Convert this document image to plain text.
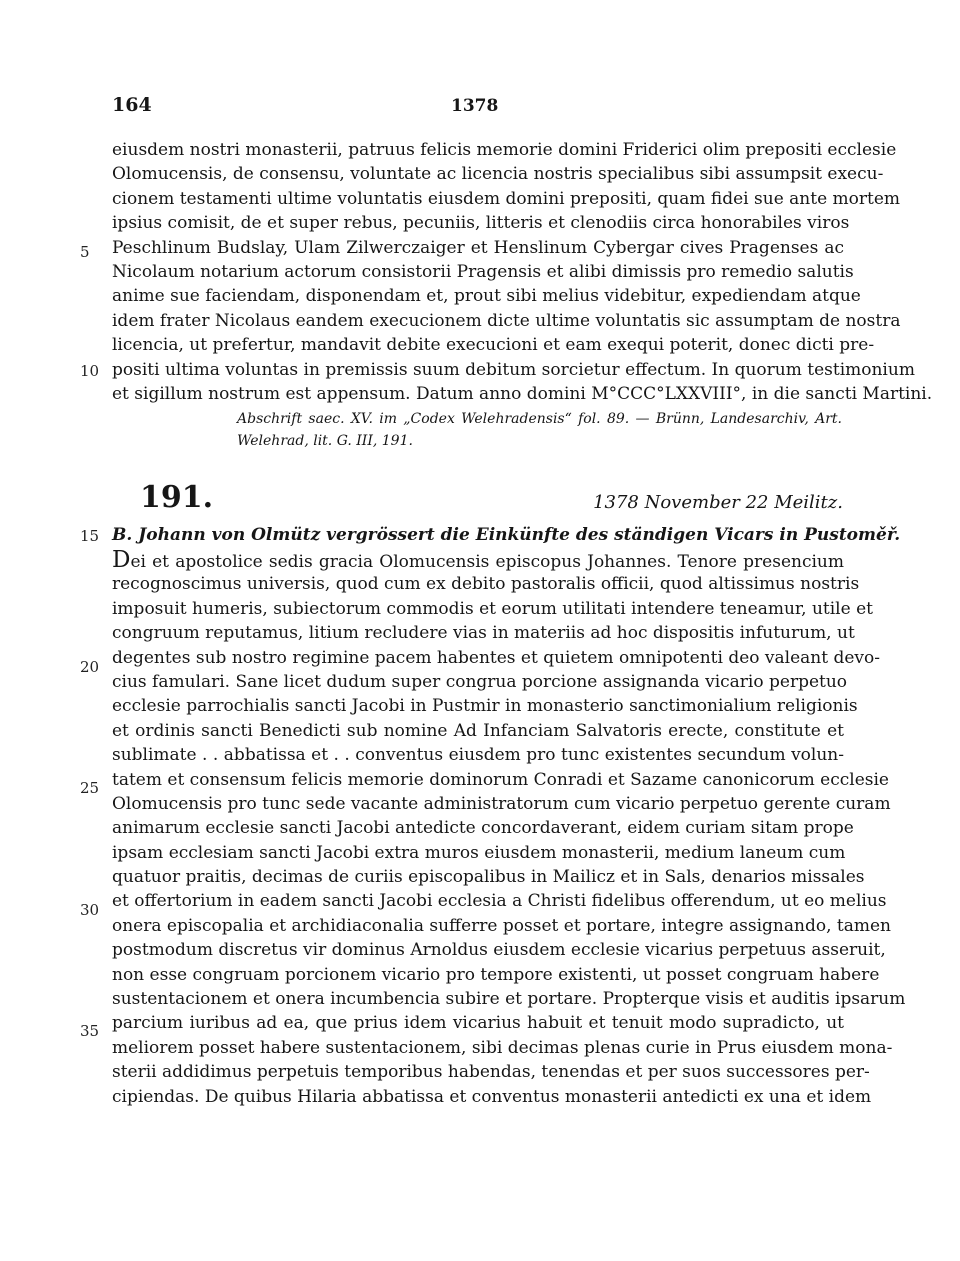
164	1378
5
10
15
20
25
30
35
eiusdem nostri monasterii, patruus felicis memorie domini Friderici olim prepositi ecclesie
Olomucensis, de consensu, voluntate ac licencia nostris specialibus sibi assumpsit execu-
cionem testamenti ultime voluntatis eiusdem domini prepositi, quam fidei sue ante mortem
ipsius comisit, de et super rebus, pecuniis, litteris et clenodiis circa honorabiles viros
Peschlinum Budslay, Ulam Zilwerczaiger et Henslinum Cybergar cives Pragenses ac
Nicolaum notarium actorum consistorii Pragensis et alibi dimissis pro remedio salutis
anime sue faciendam, disponendam et, prout sibi melius videbitur, expediendam atque
idem frater Nicolaus eandem execucionem dicte ultime voluntatis sic assumptam de nostra
licencia, ut prefertur, mandavit debite execucioni et eam exequi poterit, donec dicti pre-
positi ultima voluntas in premissis suum debitum sorcietur effectum. In quorum testimonium
et sigillum nostrum est appensum. Datum anno domini M°CCC°LXXVIII°, in die sancti Martini.
Abschrift saec. XV. im „Codex Welehradensis“ fol. 89. — Brünn, Landesarchiv, Art.
Welehrad, lit. G. III, 191.
191.	1378 November 22 Meilitz.
B. Johann von Olmütz vergrössert die Einkünfte des ständigen Vicars in Pustoměř.
Dei et apostolice sedis gracia Olomucensis episcopus Johannes. Tenore presencium
recognoscimus universis, quod cum ex debito pastoralis officii, quod altissimus nostris
imposuit humeris, subiectorum commodis et eorum utilitati intendere teneamur, utile et
congruum reputamus, litium recludere vias in materiis ad hoc dispositis infuturum, ut
degentes sub nostro regimine pacem habentes et quietem omnipotenti deo valeant devo-
cius famulari. Sane licet dudum super congrua porcione assignanda vicario perpetuo
ecclesie parrochialis sancti Jacobi in Pustmir in monasterio sanctimonialium religionis
et ordinis sancti Benedicti sub nomine Ad Infanciam Salvatoris erecte, constitute et
sublimate . . abbatissa et . . conventus eiusdem pro tunc existentes secundum volun-
tatem et consensum felicis memorie dominorum Conradi et Sazame canonicorum ecclesie
Olomucensis pro tunc sede vacante administratorum cum vicario perpetuo gerente curam
animarum ecclesie sancti Jacobi antedicte concordaverant, eidem curiam sitam prope
ipsam ecclesiam sancti Jacobi extra muros eiusdem monasterii, medium laneum cum
quatuor praitis, decimas de curiis episcopalibus in Mailicz et in Sals, denarios missales
et offertorium in eadem sancti Jacobi ecclesia a Christi fidelibus offerendum, ut eo melius
onera episcopalia et archidiaconalia sufferre posset et portare, integre assignando, tamen
postmodum discretus vir dominus Arnoldus eiusdem ecclesie vicarius perpetuus asseruit,
non esse congruam porcionem vicario pro tempore existenti, ut posset congruam habere
sustentacionem et onera incumbencia subire et portare. Propterque visis et auditis ipsarum
parcium iuribus ad ea, que prius idem vicarius habuit et tenuit modo supradicto, ut
meliorem posset habere sustentacionem, sibi decimas plenas curie in Prus eiusdem mona-
sterii addidimus perpetuis temporibus habendas, tenendas et per suos successores per-
cipiendas. De quibus Hilaria abbatissa et conventus monasterii antedicti ex una et idem
